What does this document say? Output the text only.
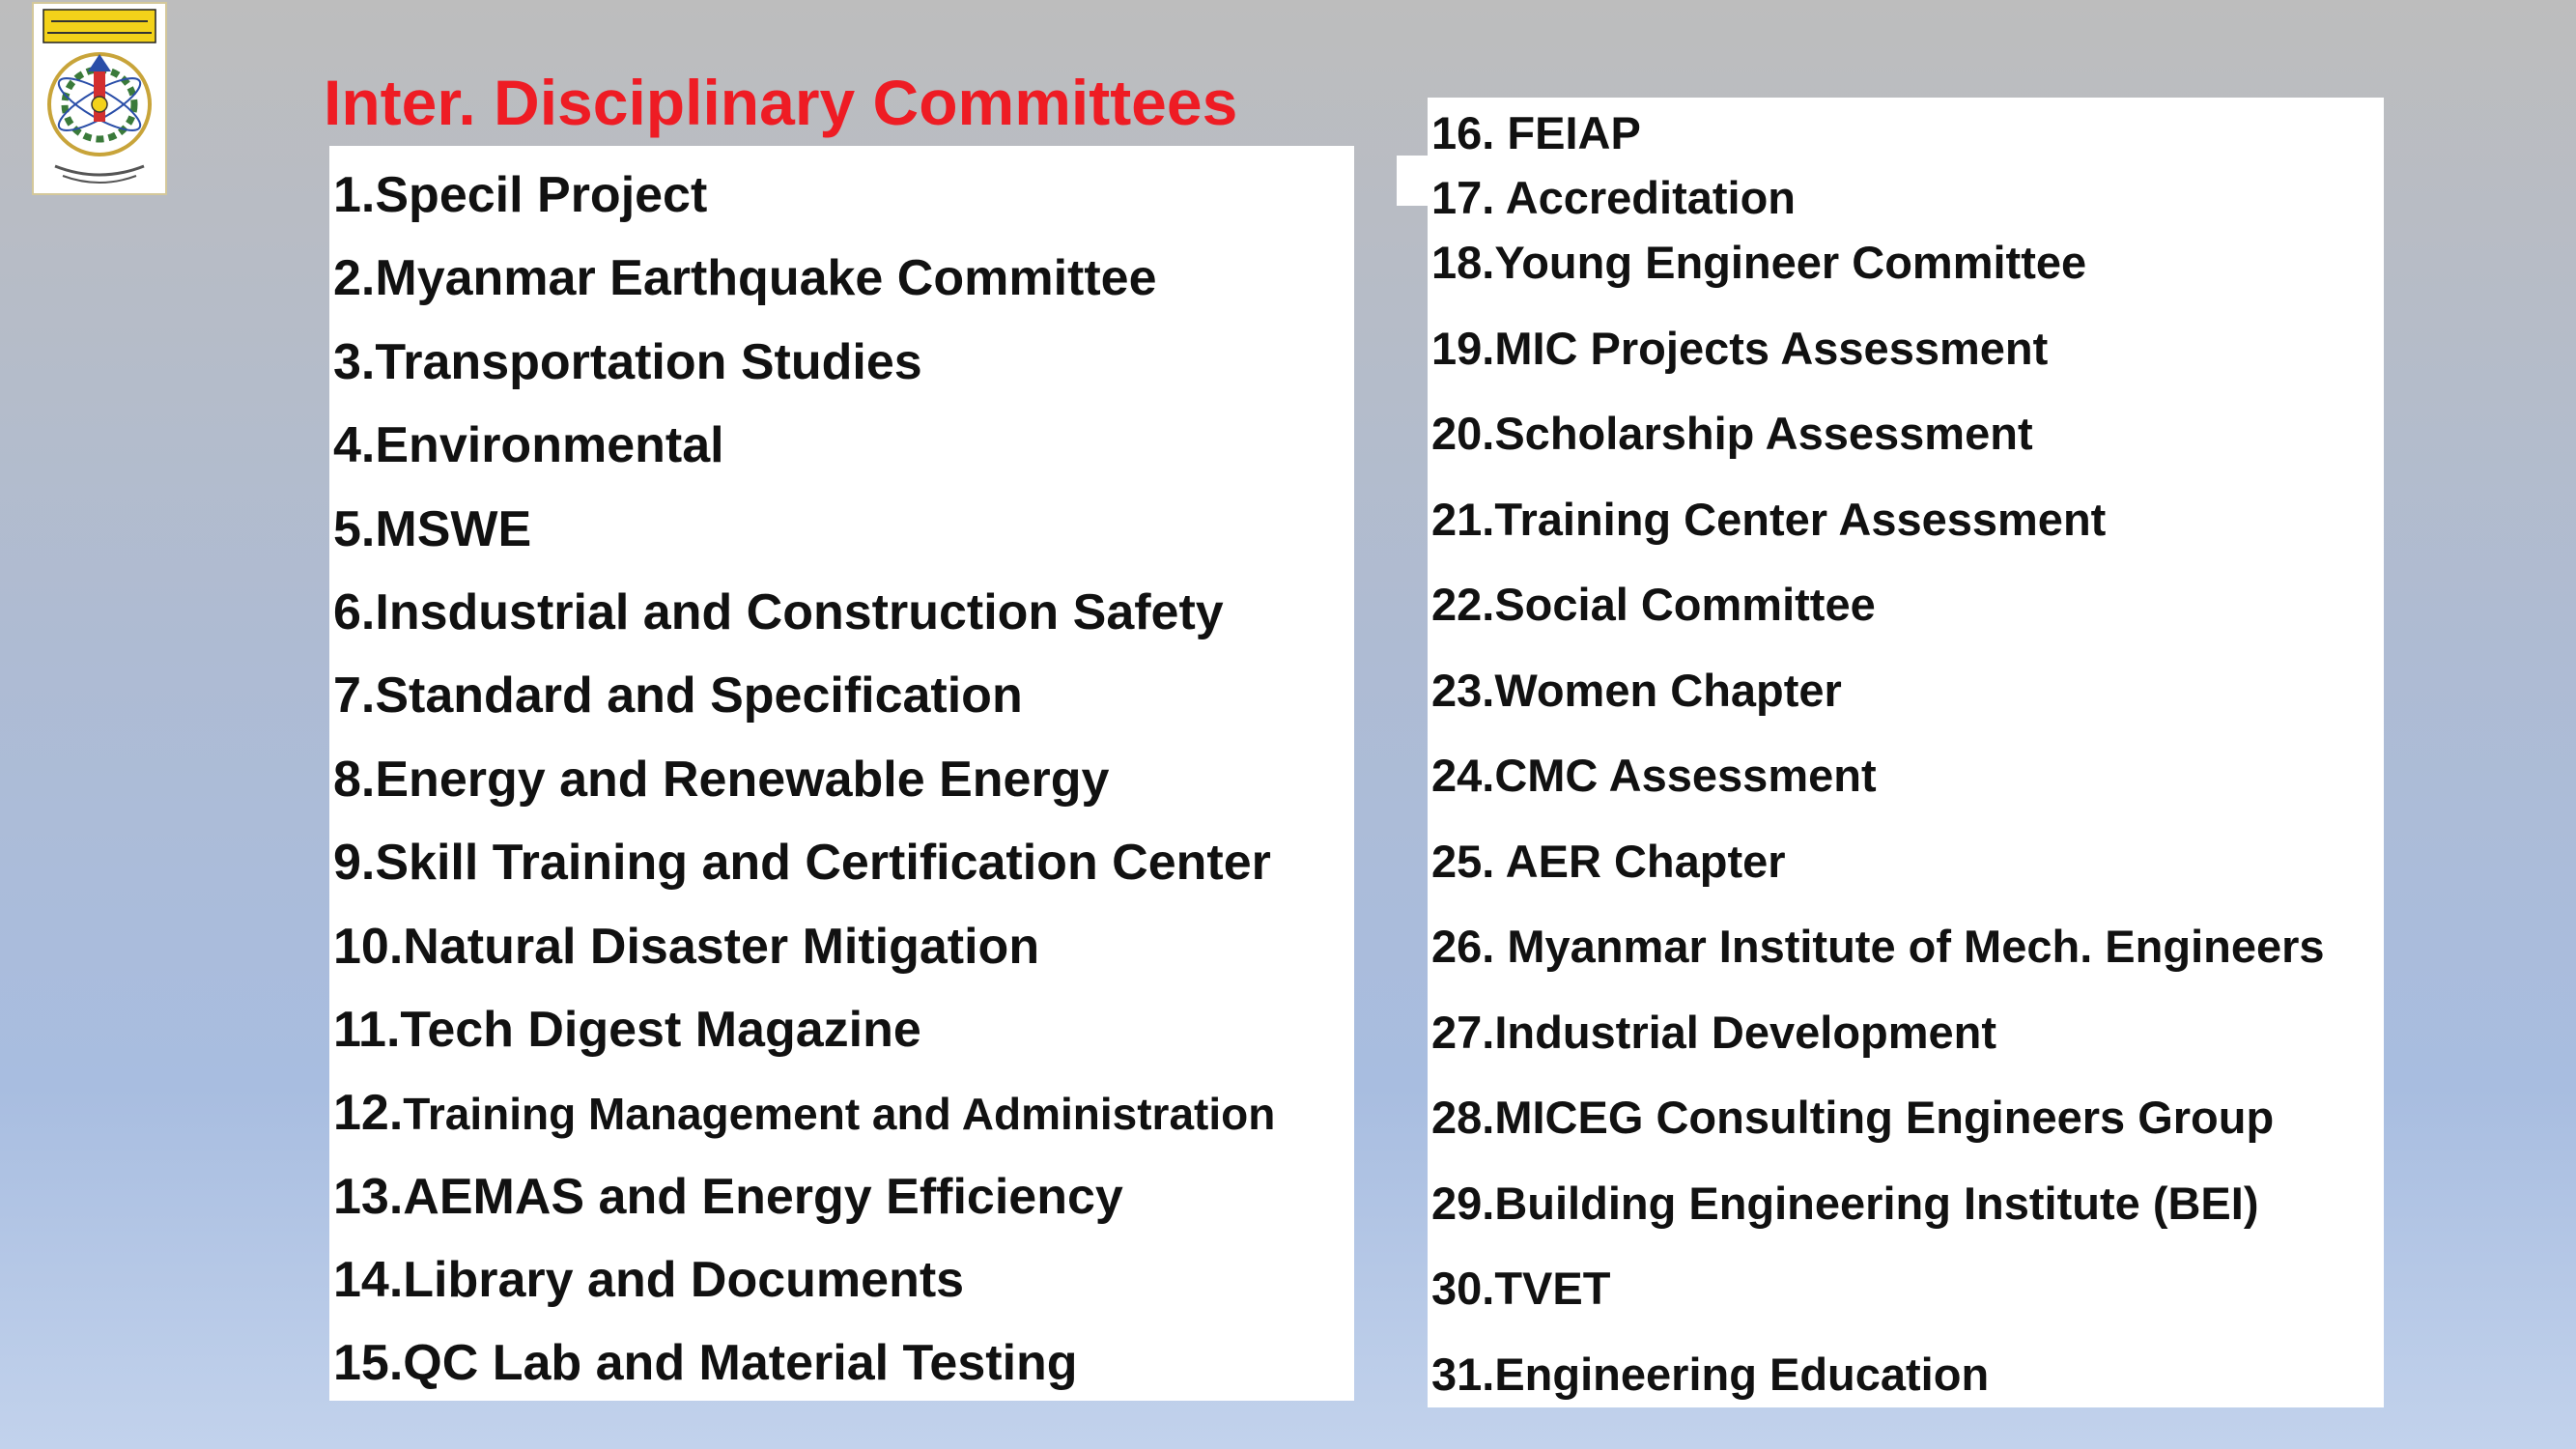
Inter. Disciplinary Committees
1.Specil Project
2.Myanmar Earthquake Committee
3.Transportation Studies
4.Environmental
5.MSWE
6.Insdustrial and Construction Safety
7.Standard and Specification
8.Energy and Renewable Energy
9.Skill Training and Certification Center
10.Natural Disaster Mitigation
11.Tech Digest Magazine
12.Training Management and Administration
13.AEMAS and Energy Efficiency
14.Library and Documents
15.QC Lab and Material Testing
16. FEIAP
17. Accreditation
18.Young Engineer Committee
19.MIC Projects Assessment
20.Scholarship Assessment
21.Training Center Assessment
22.Social Committee
23.Women Chapter
24.CMC Assessment
25. AER Chapter
26. Myanmar Institute of Mech. Engineers
27.Industrial Development
28.MICEG Consulting Engineers Group
29.Building Engineering Institute (BEI)
30.TVET
31.Engineering Education
